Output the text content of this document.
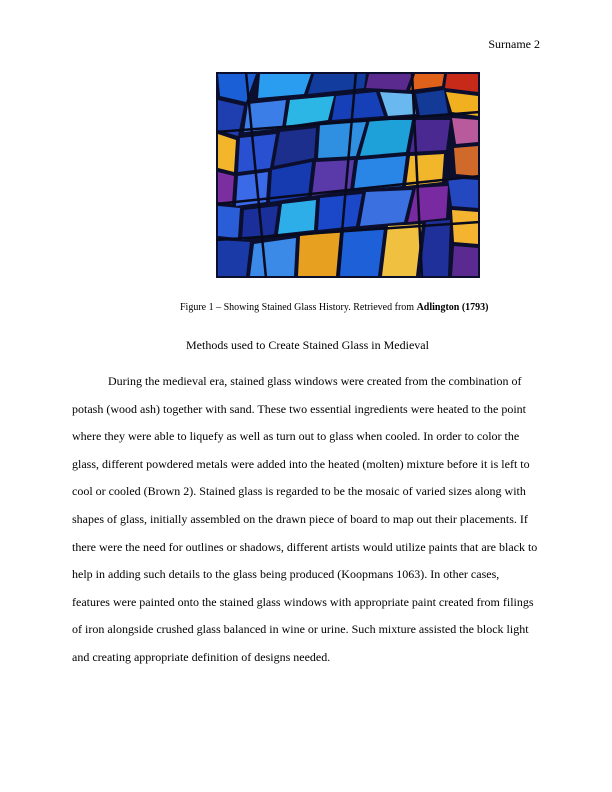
Surname 2
Figure 1 – Showing Stained Glass History. Retrieved from Adlington (1793)
Methods used to Create Stained Glass in Medieval

During the medieval era, stained glass windows were created from the combination of potash (wood ash) together with sand. These two essential ingredients were heated to the point where they were able to liquefy as well as turn out to glass when cooled. In order to color the glass, different powdered metals were added into the heated (molten) mixture before it is left to cool or cooled (Brown 2). Stained glass is regarded to be the mosaic of varied sizes along with shapes of glass, initially assembled on the drawn piece of board to map out their placements. If there were the need for outlines or shadows, different artists would utilize paints that are black to help in adding such details to the glass being produced (Koopmans 1063). In other cases, features were painted onto the stained glass windows with appropriate paint created from filings of iron alongside crushed glass balanced in wine or urine. Such mixture assisted the block light and creating appropriate definition of designs needed.
